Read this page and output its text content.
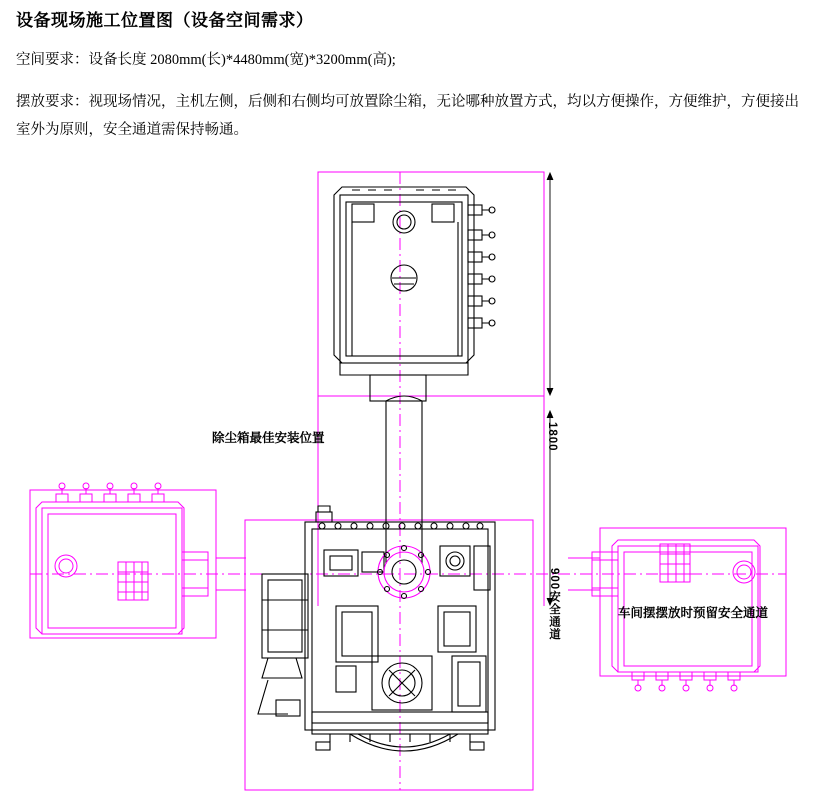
设备现场施工位置图（设备空间需求）
空间要求：设备长度 2080mm(长)*4480mm(宽)*3200mm(高);
摆放要求：视现场情况，主机左侧，后侧和右侧均可放置除尘箱，无论哪种放置方式，均以方便操作，方便维护，方便接出室外为原则，安全通道需保持畅通。
除尘箱最佳安装位置
车间摆摆放时预留安全通道
1800
900安全通道
